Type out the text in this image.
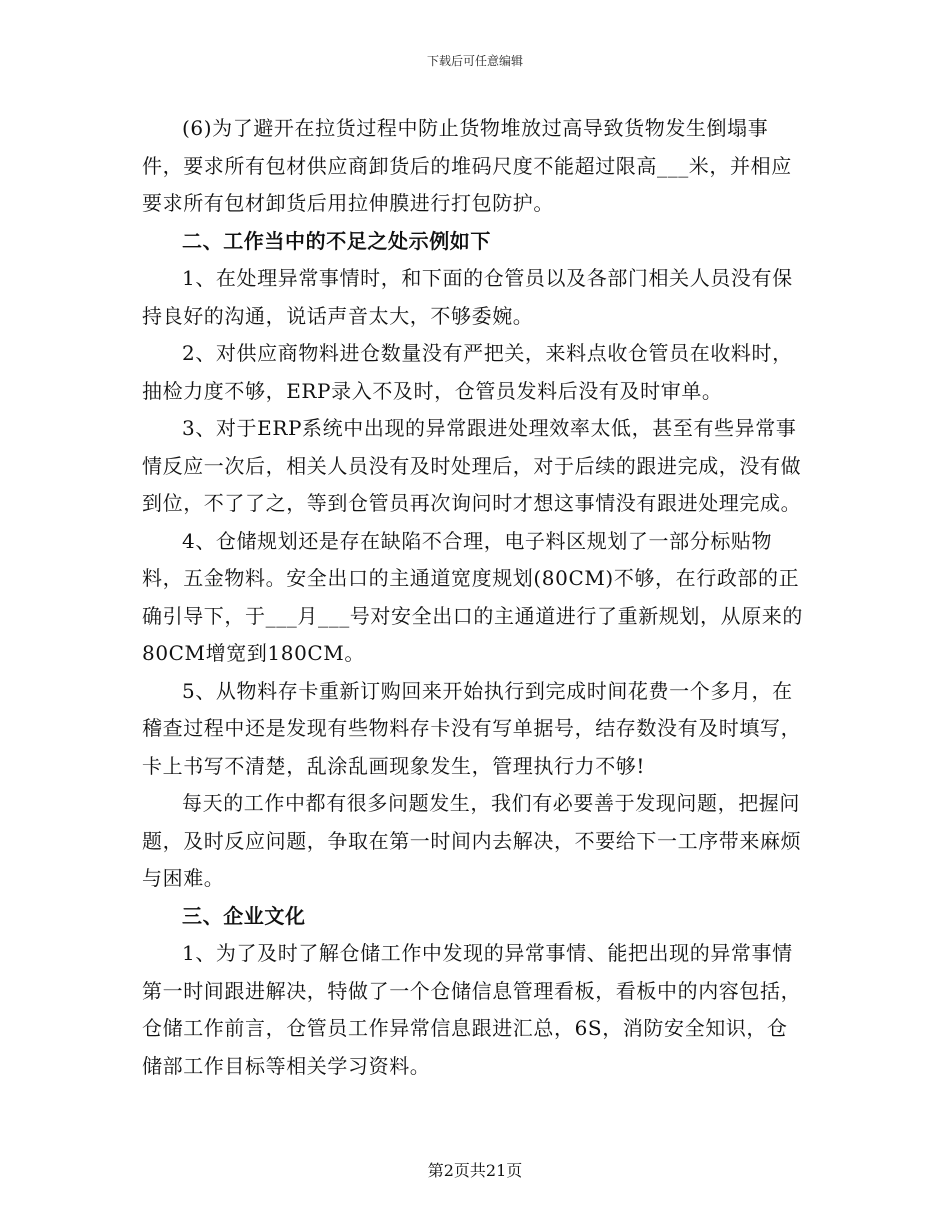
下载后可任意编辑

(6)为了避开在拉货过程中防止货物堆放过高导致货物发生倒塌事件，要求所有包材供应商卸货后的堆码尺度不能超过限高___米，并相应要求所有包材卸货后用拉伸膜进行打包防护。

二、工作当中的不足之处示例如下

1、在处理异常事情时，和下面的仓管员以及各部门相关人员没有保持良好的沟通，说话声音太大，不够委婉。

2、对供应商物料进仓数量没有严把关，来料点收仓管员在收料时，抽检力度不够，ERP录入不及时，仓管员发料后没有及时审单。

3、对于ERP系统中出现的异常跟进处理效率太低，甚至有些异常事情反应一次后，相关人员没有及时处理后，对于后续的跟进完成，没有做到位，不了了之，等到仓管员再次询问时才想这事情没有跟进处理完成。

4、仓储规划还是存在缺陷不合理，电子料区规划了一部分标贴物料，五金物料。安全出口的主通道宽度规划(80CM)不够，在行政部的正确引导下，于___月___号对安全出口的主通道进行了重新规划，从原来的80CM增宽到180CM。

5、从物料存卡重新订购回来开始执行到完成时间花费一个多月，在稽查过程中还是发现有些物料存卡没有写单据号，结存数没有及时填写，卡上书写不清楚，乱涂乱画现象发生，管理执行力不够!

每天的工作中都有很多问题发生，我们有必要善于发现问题，把握问题，及时反应问题，争取在第一时间内去解决，不要给下一工序带来麻烦与困难。

三、企业文化

1、为了及时了解仓储工作中发现的异常事情、能把出现的异常事情第一时间跟进解决，特做了一个仓储信息管理看板，看板中的内容包括，仓储工作前言，仓管员工作异常信息跟进汇总，6S，消防安全知识，仓储部工作目标等相关学习资料。

第2页共21页
